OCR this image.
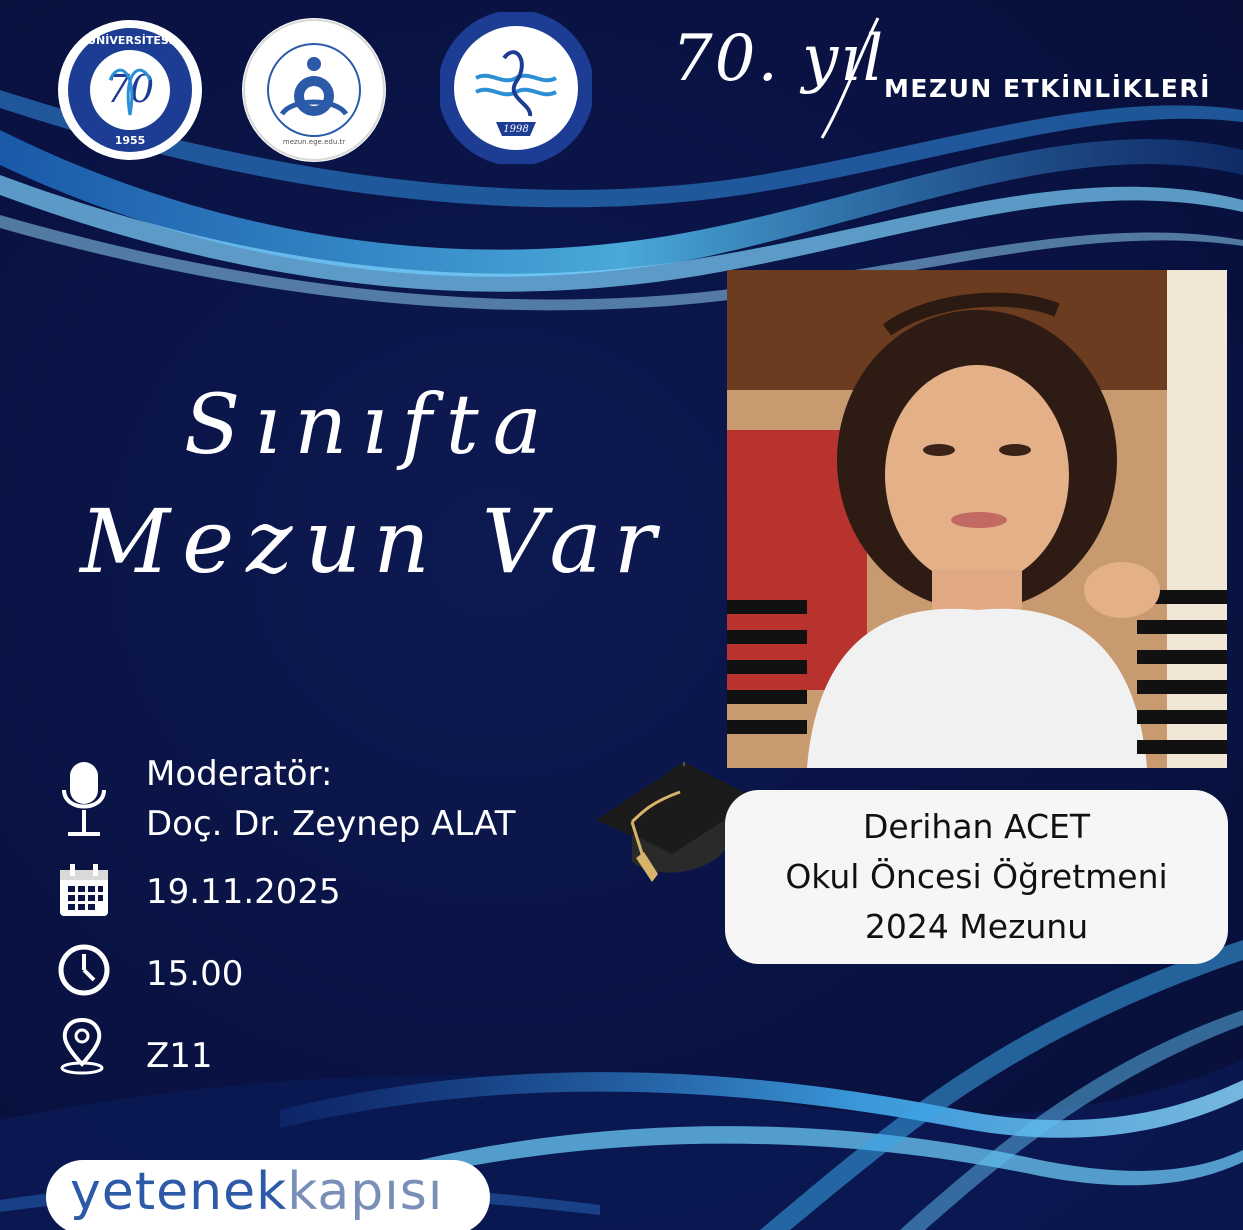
70
1955
ÜNİVERSİTESİ
mezun.ege.edu.tr
1998
70. yıl
MEZUN ETKİNLİKLERİ
Sınıfta
Mezun Var
Derihan ACET
Okul Öncesi Öğretmeni
2024 Mezunu
Moderatör:
Doç. Dr. Zeynep ALAT
19.11.2025
15.00
Z11
yetenekkapısı
